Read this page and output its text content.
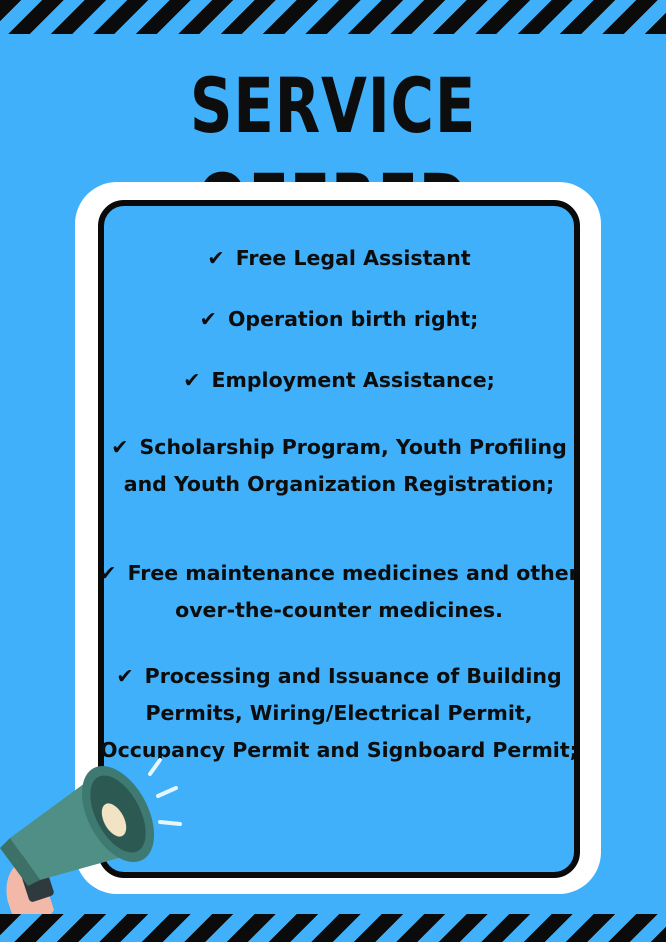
SERVICE
✔ Free Legal Assistant
✔ Operation birth right;
✔ Employment Assistance;
✔ Scholarship Program, Youth Profiling and Youth Organization Registration;
✔ Free maintenance medicines and other over-the-counter medicines.
✔ Processing and Issuance of Building Permits, Wiring/Electrical Permit, Occupancy Permit and Signboard Permit;
